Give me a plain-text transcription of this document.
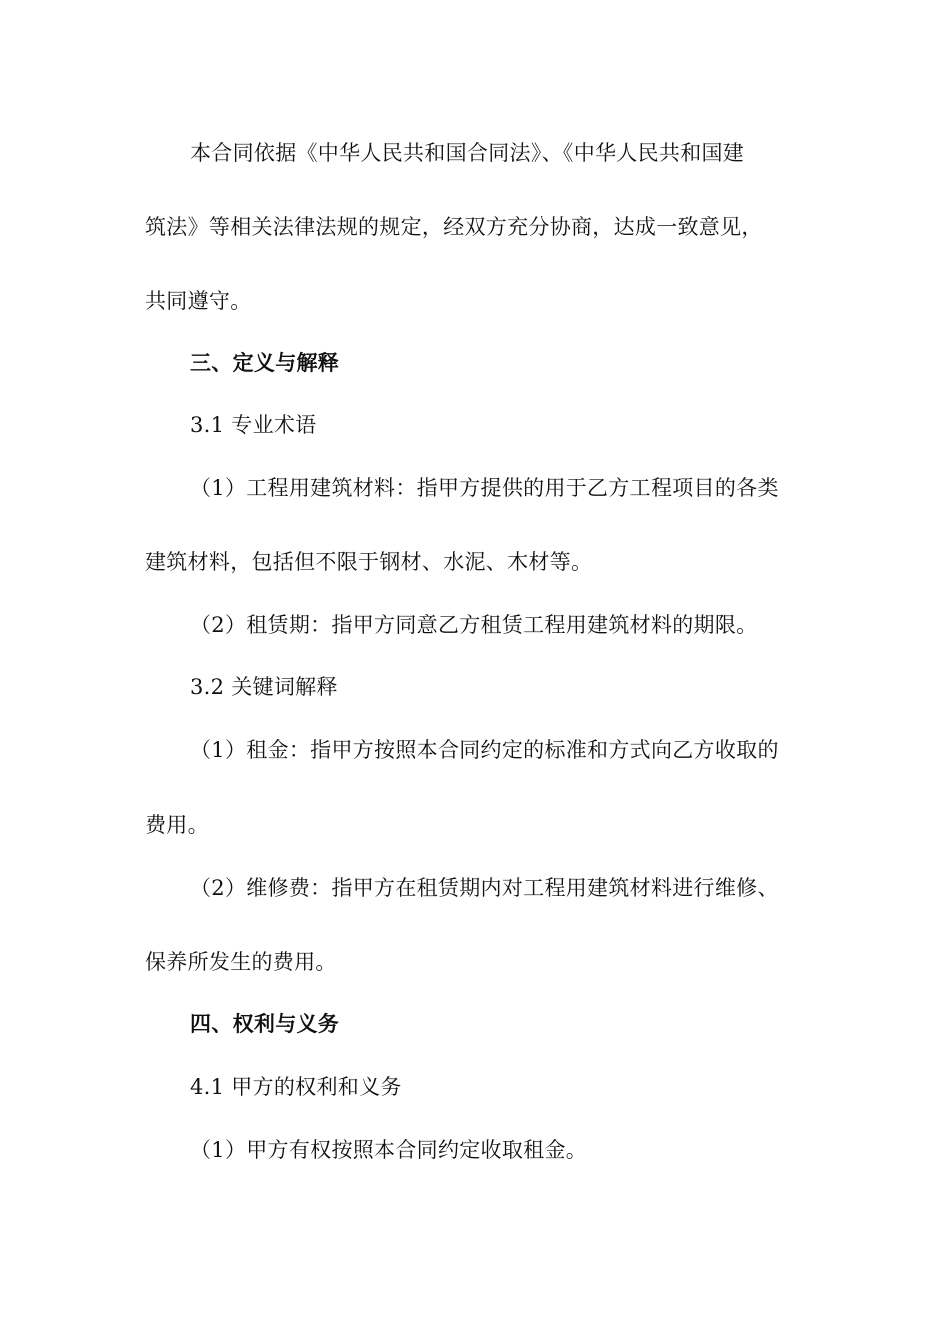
本合同依据《中华人民共和国合同法》、《中华人民共和国建
筑法》等相关法律法规的规定，经双方充分协商，达成一致意见，
共同遵守。
三、定义与解释
3.1 专业术语
（1）工程用建筑材料：指甲方提供的用于乙方工程项目的各类
建筑材料，包括但不限于钢材、水泥、木材等。
（2）租赁期：指甲方同意乙方租赁工程用建筑材料的期限。
3.2 关键词解释
（1）租金：指甲方按照本合同约定的标准和方式向乙方收取的
费用。
（2）维修费：指甲方在租赁期内对工程用建筑材料进行维修、
保养所发生的费用。
四、权利与义务
4.1 甲方的权利和义务
（1）甲方有权按照本合同约定收取租金。
